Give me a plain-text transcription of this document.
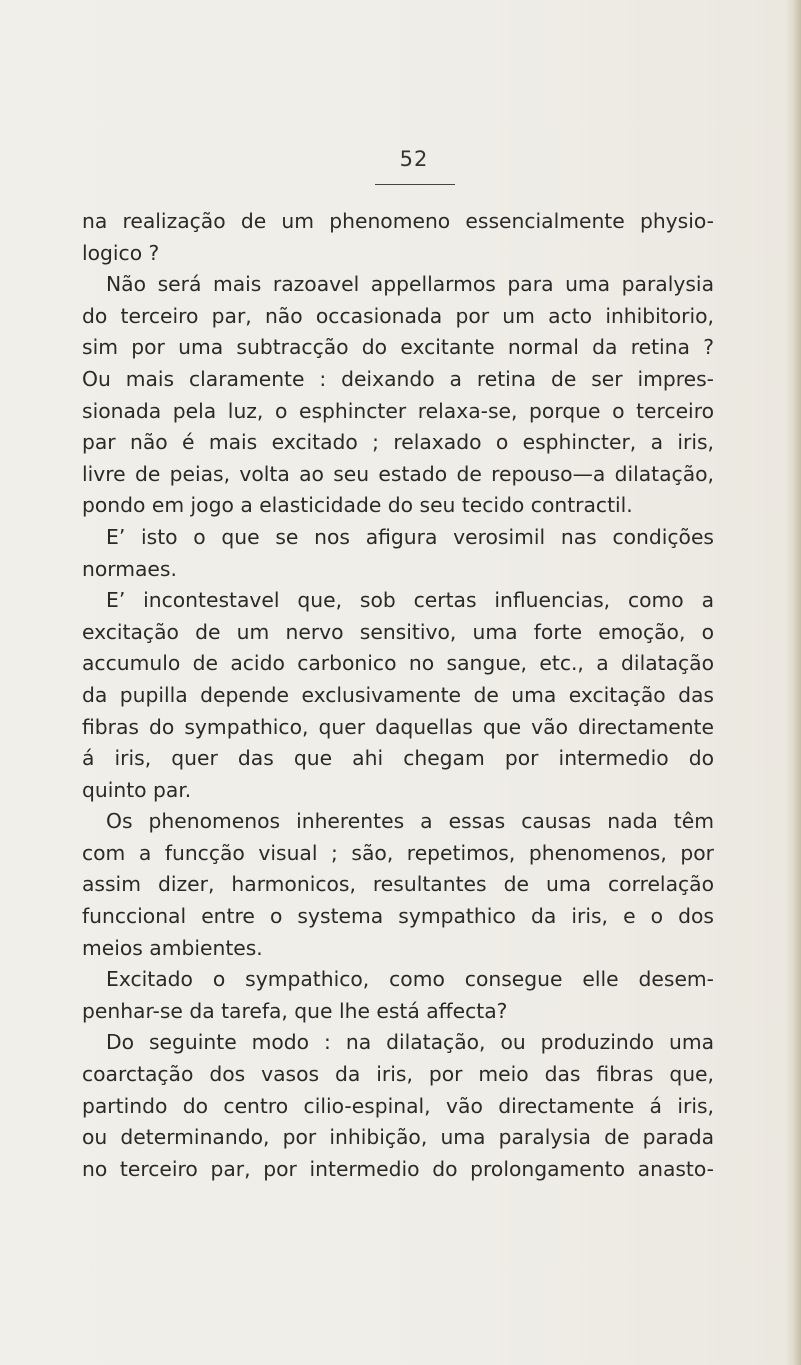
52
na realização de um phenomeno essencialmente physio-
logico ?
Não será mais razoavel appellarmos para uma paralysia
do terceiro par, não occasionada por um acto inhibitorio,
sim por uma subtracção do excitante normal da retina ?
Ou mais claramente : deixando a retina de ser impres-
sionada pela luz, o esphincter relaxa-se, porque o terceiro
par não é mais excitado ; relaxado o esphincter, a iris,
livre de peias, volta ao seu estado de repouso—a dilatação,
pondo em jogo a elasticidade do seu tecido contractil.
E’ isto o que se nos afigura verosimil nas condições
normaes.
E’ incontestavel que, sob certas influencias, como a
excitação de um nervo sensitivo, uma forte emoção, o
accumulo de acido carbonico no sangue, etc., a dilatação
da pupilla depende exclusivamente de uma excitação das
fibras do sympathico, quer daquellas que vão directamente
á iris, quer das que ahi chegam por intermedio do
quinto par.
Os phenomenos inherentes a essas causas nada têm
com a funcção visual ; são, repetimos, phenomenos, por
assim dizer, harmonicos, resultantes de uma correlação
funccional entre o systema sympathico da iris, e o dos
meios ambientes.
Excitado o sympathico, como consegue elle desem-
penhar-se da tarefa, que lhe está affecta?
Do seguinte modo : na dilatação, ou produzindo uma
coarctação dos vasos da iris, por meio das fibras que,
partindo do centro cilio-espinal, vão directamente á iris,
ou determinando, por inhibição, uma paralysia de parada
no terceiro par, por intermedio do prolongamento anasto-
